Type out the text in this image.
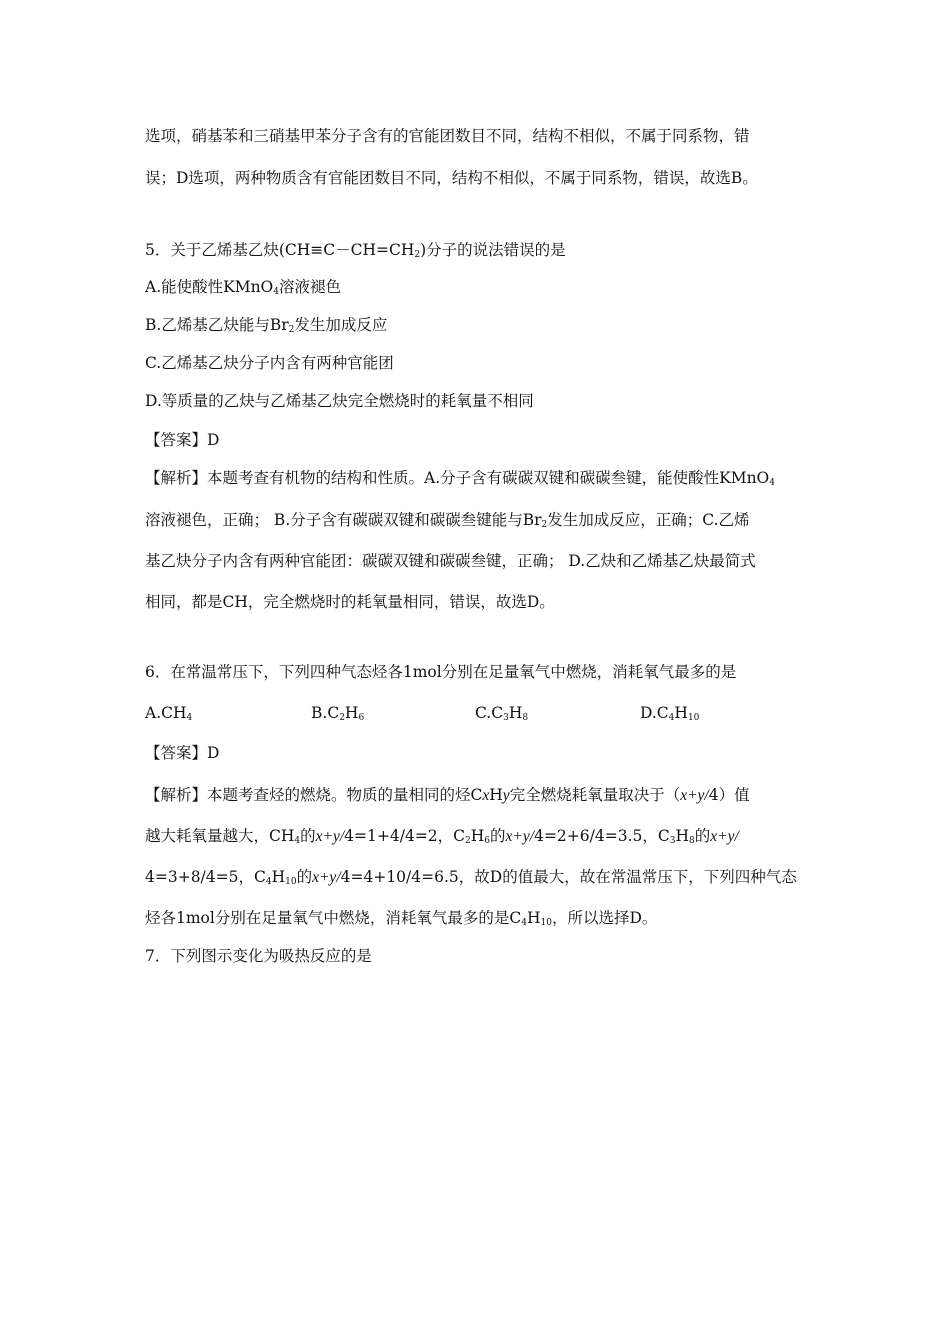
选项，硝基苯和三硝基甲苯分子含有的官能团数目不同，结构不相似，不属于同系物，错
误；D选项，两种物质含有官能团数目不同，结构不相似，不属于同系物，错误，故选B。
5．关于乙烯基乙炔$(CH\equiv C-CH=CH_2)$分子的说法错误的是
A.能使酸性KMnO$_4$溶液褪色
B.乙烯基乙炔能与$Br_2$发生加成反应
C.乙烯基乙炔分子内含有两种官能团
D.等质量的乙炔与乙烯基乙炔完全燃烧时的耗氧量不相同
【答案】D
【解析】本题考查有机物的结构和性质。A.分子含有碳碳双键和碳碳叁键，能使酸性KMnO$_4$
溶液褪色，正确； B.分子含有碳碳双键和碳碳叁键能与$Br_2$发生加成反应，正确；C.乙烯
基乙炔分子内含有两种官能团：碳碳双键和碳碳叁键，正确； D.乙炔和乙烯基乙炔最简式
相同，都是CH，完全燃烧时的耗氧量相同，错误，故选D。
6．在常温常压下，下列四种气态烃各1mol分别在足量氧气中燃烧，消耗氧气最多的是
$A.CH_4$	$B.C_2H_6$	$C.C_3H_8$	$D.C_4H_{10}$
【答案】D
【解析】本题考查烃的燃烧。物质的量相同的烃CxHy完全燃烧耗氧量取决于（x+y/4）值
越大耗氧量越大，$CH_4$的x+y/4=1+4/4=2，$C_2H_6$的x+y/4=2+6/4=3.5，$C_3H_8$的x+y/
4=3+8/4=5，$C_4H_{10}$的x+y/4=4+10/4=6.5，故D的值最大，故在常温常压下，下列四种气态
烃各1mol分别在足量氧气中燃烧，消耗氧气最多的是$C_4H_{10}$，所以选择D。
7．下列图示变化为吸热反应的是
